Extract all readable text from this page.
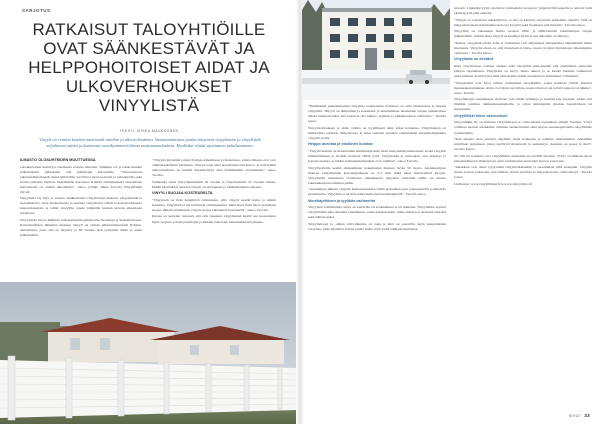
SARJOTUS
RATKAISUT TALOYHTIÖILLE OVAT SÄÄNKESTÄVÄT JA HELPPOHOITOISET AIDAT JA ULKOVERHOUKSET VINYYLISTÄ
TEKSTI: MISKA MÄUKKONEN
Vinyyli on erittäin kestävä materiaali aitoihin ja ulkoverhouksiin. Vastamaalattuna puulta näyttävät vinyyliaidat ja vinyylisidit soljahtavat nätisti ja kuntoinsa vuosikymmeniä ilman uusintamaalauksia. Huolluksi riittää ajoittainen puhdistaminen.

ILMASTO OLOSUHTEIDEN MUUTTUESSA

vuosikertoimet kestävyys Suomessa erotelat taikonan. Tämäkin voi ja tokan muiden julkisivuinnit puhtaitaksi olla julkisivujä kuivuneille. "Talousseuraus rakennusmateriaaleil, kuten kiiltävään, uuvittavat mosa kosteuta ja pahentuvilla sekä kovina etuisista myöten. Sademäärän kasvaessa erilaisia ominaisuuksia suojaamaan kuivamaalla on eräistä tuhoamasta", sanoo yrittäjä Jukka Tuovila Vinyylifiikki Oy:stä.

Vinyylitalo Oy myy ja asentaa asiakkaalaisia vinyyliaitoja mukaan, vinyyliseiniä ja terassikattoita. Alan maahantuojia ja asentaja vinyylitaloa viikon kokonaisvaltaisesta kokonaisuudesta ja toimii vinyylilla toisen vähintään kuuden kerroin alkuaikaan Suomessa.

Vinyylisidit tuovat Mehrein valkoiselaiselle julkisivulle Suomessa ja Skandinaviassa. Kansainvälisten lähteiden mukaan vinyyli on yleisin julkisivumateriaali Pohjois-Amerikassa, jossa sitä on käytetty jo 60 vuoden ajan pohjoisen tähän ja aidan julkisivuihin.

"Vinyyliä käytetään paljon Pohjois-Amerikassa ja Kanadassa, joiden ilmasto-olot ovat ominaisuuksiltaan Suomessa. Vinyyli sopii sekä pientaloihin että kerros- ja rivitaloihin ulkoverhoiluun. Se kuuluu marjamyllyyn sekä äärimmäisiin olosuhteisiin", sanoo Tuovila.

Valmistaja antaa vinyylipaneeleille 50 vuoden ja vinyyliaidoille 25 vuoden takuun. Pitkän käyttöiänsä ansiosta vinyyli on ekologinen ja vähäpäästöinen ratkaisu.

VINYYLI SUOJAA KOSTEUDELTA

"Vinyylissä on ihan hengittävä ominaisuus, sillä vinyyli kestää kuiva ja märkä kosteutta. Vinyylissä ei ole levitettyjä ominaisuuksia, mikä myös lisää lahon ajoittaisen suojaa. Oikein asennettuna vinyyli suojaa rakennusta kosteudelta", sanoo Tuovila.

Kustaa on kertonut tuoreesti että eräs rakennus vinyyliseinä kestää sen kosteudesta myös suojana, jolloin puutalojen ja muiden lahoavien materiaalien ikä pitenee.

"Esimerkiksi puurakenteisiin vinyylina toteutetuissa kohteissa on ollut kiinnostusta ja laajasti vinyylistä. Vinyyli on lämpötilan ja kosteuden ja muuttuminen alkaneiden talojen julkisivuissa näissä verkkosivuiksi, että saattavat olla helppo, tyylikäs ja pitkäkestoinen vaihtoehto", Tuovila sanoo.

Vinyyliverhouksen ja aidan valinta on tyypillisesti tehty aidan kohteissa. Vinyyliaitaan on mahdollista rakentaa lämpöeristys ja siten osaltaan parantaa rakennuksen energiatehokkuutta vinyylin avulla.

Helppo asentaa ja edullinen huoltaa

"Vinyyliverhoilu on materiaalina edullisempi kuin moni muu julkisivumateriaali, koska vinyylin kiinnittämiseen ja aitoihin tarvitaan vähän työtä. Vinyyliaidat ja verhoukset ovat helppoja ja nopeita asentaa, ja niiden asennuskustannukset ovat edulliset", sanoo Tuovila.

Vinyyliverhoilu kestää aikaisempien kokemusten mukaan hyvin 50 vuotta. Asennusohjeen mukaan vinyyliseinän kokonaispaksuus on 3–5 mm, mikä tekee materiaalista kevyen. Vinyylisidit asennetaan tavallisesti rakennuksen nykyisen verhoilun päälle tai uuteen rakennukseen koolausten päälle.

"Asennuksen jälkeen vinyylin kunnossapidoksi riittää ajoittainen pesu painepesurilla ja miedolla pesuaineella. Vinyylille ei tarvitse tehdä muita huoltotoimenpiteitä", Tuovila sanoo.

Monikäyttöinen ja tyylikäs vaihtoehto

Vinyylistä valmistettuja aitoja on saatavilla eri korkeuksina ja eri malleina. Vinyyliaidat sopivat taloyhtiöiden piha-alueiden rajaamiseen, roska-astiakatoksiin, uima-altaiden ja terassien suojaksi sekä näkösuojaksi.

Vinyyliaitojen ja -sidien värivalikoima on laaja ja niitä on saatavilla myös puupintaisina versioina, jotka näyttävät aidolta puulta mutta eivät vaadi lainkaan maalausta.

terassin. Läpinäkyvyyttä rajoittavat vaihtoehdot suojaavat ympäröiviltä katseilta ja antavat lisää yksityisyyttä piha-alueelle.

"Vinyyli on tarkoitettu ulkokäyttöön, ja sitä on käytetty erityisesti pohjoisilla alueilla. Sillä on helppohoitoisena materiaalina kasvava kysyntä sekä Suomessa että muualla", Tuovila sanoo.

Vinyylistä on rakennettu mallia vuosien 1990- ja 2000-lukuilla rakennettujen talojen julkisivuihin. Julkisivuissa vinyyli on kestänyt hyvin ja sen ulkonäkö on säilynyt.

"Kustaa, vinyylistä tehdyt aidat ja verhoukset ovat säilyttäneet alkuperäisen ulkonäkönsä ilman maalausta. Vinyylin etuna on, että materiaali ei lahoa, ruostu tai kärsi hyönteisten aiheuttamista vaurioista", Tuovila kertoo.

Vinyyliaita on kestävä

Kilta vinyyliaitoja voidaan asentaa sekä taloyhtiön piha-alueille että yksittäisten asuntojen pihojen rajaamiseen. Vinyyliaita on kevyt, mutta tukeva ja se kestää Suomen vaihtelevat sääolosuhteet. Kestävyyttä lisää aitatolppien sisään asennettavat alumiiniset vahvikkeet.

"Vinyyliaidat ovat hyvä valinta esimerkiksi taloyhtiöille, joissa halutaan välttää jatkuvat maalauskustannukset. Aidat ovat myös turvallisia, koska niissä ei ole teräviä reunoja tai tikkuja", sanoo Tuovila.

Vinyyliaitojen asennukseen tarvitaan vain vähän työkaluja ja asennus käy nopeasti. Aidan osat liitetään toisiinsa lukitusmekanismeilla, ja tolpat kiinnitetään maahan betonivaluun tai maaruuviin.

Vinyylifiikki tekee asennukset

Vinyylifiikki Oy on hoitanut vinyyliaitojen ja -verhouksien asennuksia ympäri Suomea. Yritys toimittaa tuotteet asiakkaille valmiina asennettaviksi sekä tarjoaa asennuspalveluita taloyhtiöille ja kuluttajille.

"Kun asiakas ottaa yhteyttä, käymme ensin kohteessa ja teemme suunnitelman. Annamme kirjallisen tarjouksen, johon sisältyvät materiaalit ja asennustyö. Asennus on nopea ja siisti", Tuovila kertoo.

Yli 100 eri kohdetta ovat vinyylifiikin asentamia eri puolilla Suomea. Yritys on mukana myös kansainvälisessä yhteistyössä, jolla varmistetaan tuotteiden laatu ja saatavuus.

"Asiakkaat ovat olleet tyytyväisiä vinyyliratkaisuihin ja suosittelleet niitä eteenpäin. Vinyylin suosio kasvaa jatkuvasti, kun ihmiset etsivät kestäviä ja helppohoitoisia vaihtoehtoja", Tuovila toteaa.

Lisätietoja: www.vinyylifiikki.fi ja www.vinyylitalot.fi

SIVUT 33
